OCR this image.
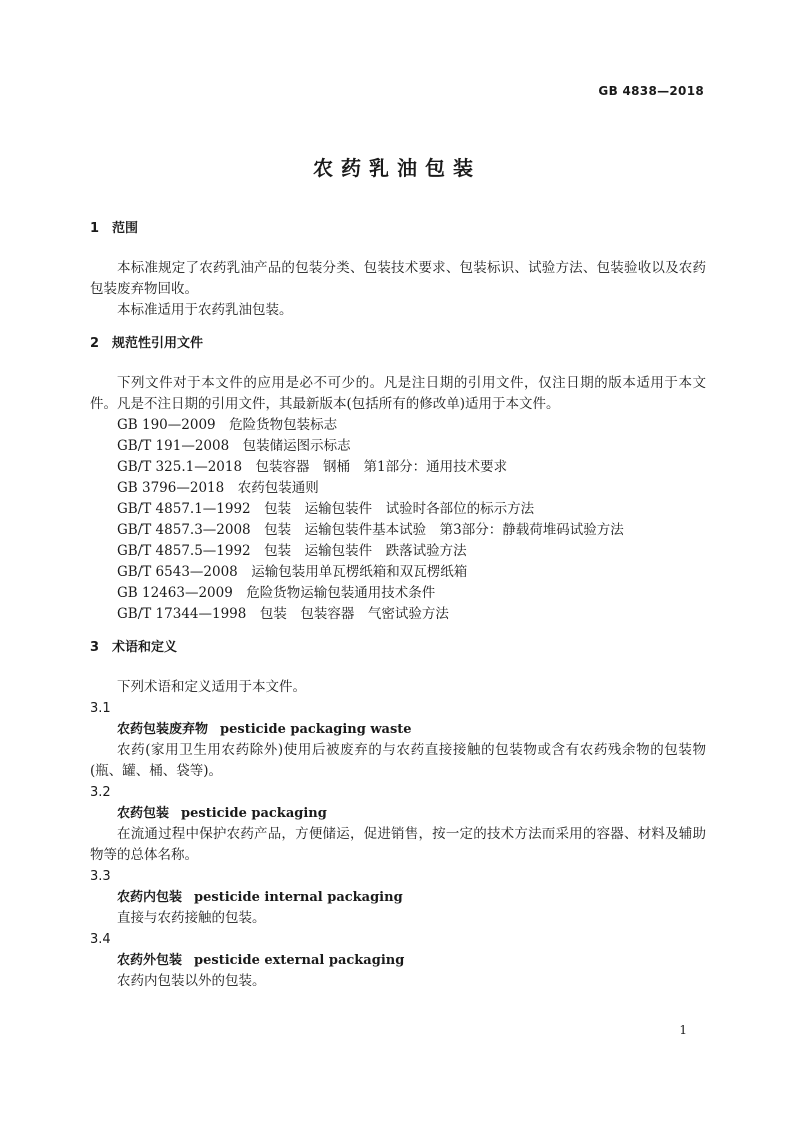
GB 4838—2018
农药乳油包装
1 范围

本标准规定了农药乳油产品的包装分类、包装技术要求、包装标识、试验方法、包装验收以及农药包装废弃物回收。

本标准适用于农药乳油包装。

2 规范性引用文件

下列文件对于本文件的应用是必不可少的。凡是注日期的引用文件，仅注日期的版本适用于本文件。凡是不注日期的引用文件，其最新版本(包括所有的修改单)适用于本文件。

GB 190—2009　危险货物包装标志
GB/T 191—2008　包装储运图示标志
GB/T 325.1—2018　包装容器　钢桶　第1部分：通用技术要求
GB 3796—2018　农药包装通则
GB/T 4857.1—1992　包装　运输包装件　试验时各部位的标示方法
GB/T 4857.3—2008　包装　运输包装件基本试验　第3部分：静载荷堆码试验方法
GB/T 4857.5—1992　包装　运输包装件　跌落试验方法
GB/T 6543—2008　运输包装用单瓦楞纸箱和双瓦楞纸箱
GB 12463—2009　危险货物运输包装通用技术条件
GB/T 17344—1998　包装　包装容器　气密试验方法
3 术语和定义

下列术语和定义适用于本文件。

3.1
农药包装废弃物 pesticide packaging waste

农药(家用卫生用农药除外)使用后被废弃的与农药直接接触的包装物或含有农药残余物的包装物(瓶、罐、桶、袋等)。

3.2
农药包装 pesticide packaging

在流通过程中保护农药产品，方便储运，促进销售，按一定的技术方法而采用的容器、材料及辅助物等的总体名称。

3.3
农药内包装 pesticide internal packaging

直接与农药接触的包装。

3.4
农药外包装 pesticide external packaging

农药内包装以外的包装。

1
